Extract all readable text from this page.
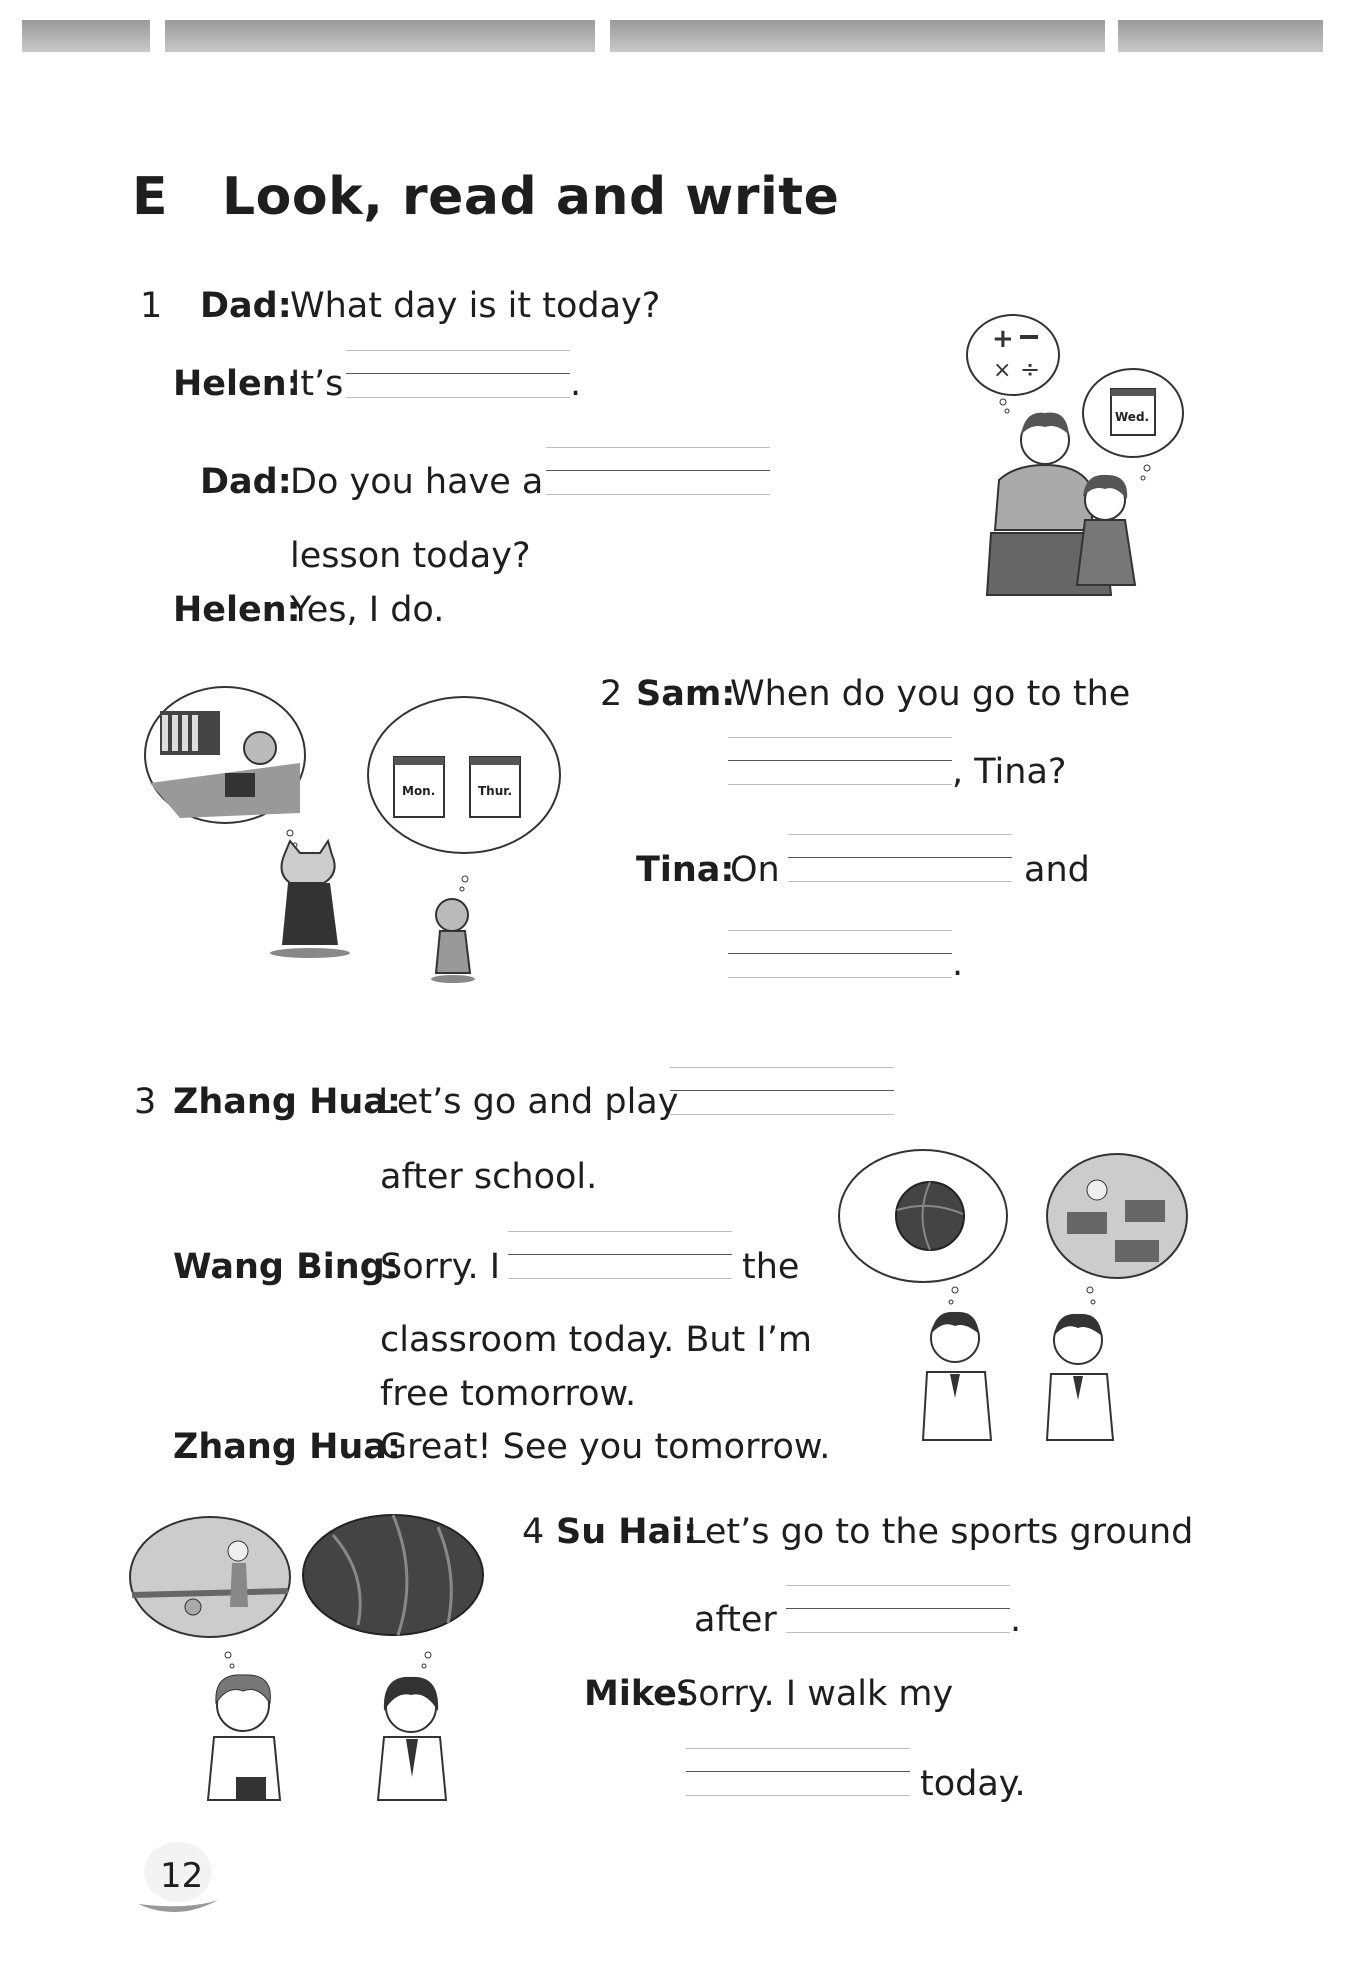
E Look, read and write
1 Dad:
What day is it today?
Helen:
It’s	.
Dad:
Do you have a
lesson today?
Helen:
Yes, I do.
+
× ÷
Wed.
Mon.	Thur.
2 Sam:
When do you go to the
, Tina?
Tina:
On	and
.
3 Zhang Hua:
Let’s go and play
after school.
Wang Bing:
Sorry. I	the
classroom today. But I’m
free tomorrow.
Zhang Hua:
Great! See you tomorrow.
4 Su Hai:
Let’s go to the sports ground
after	.
Mike:
Sorry. I walk my
today.
12
